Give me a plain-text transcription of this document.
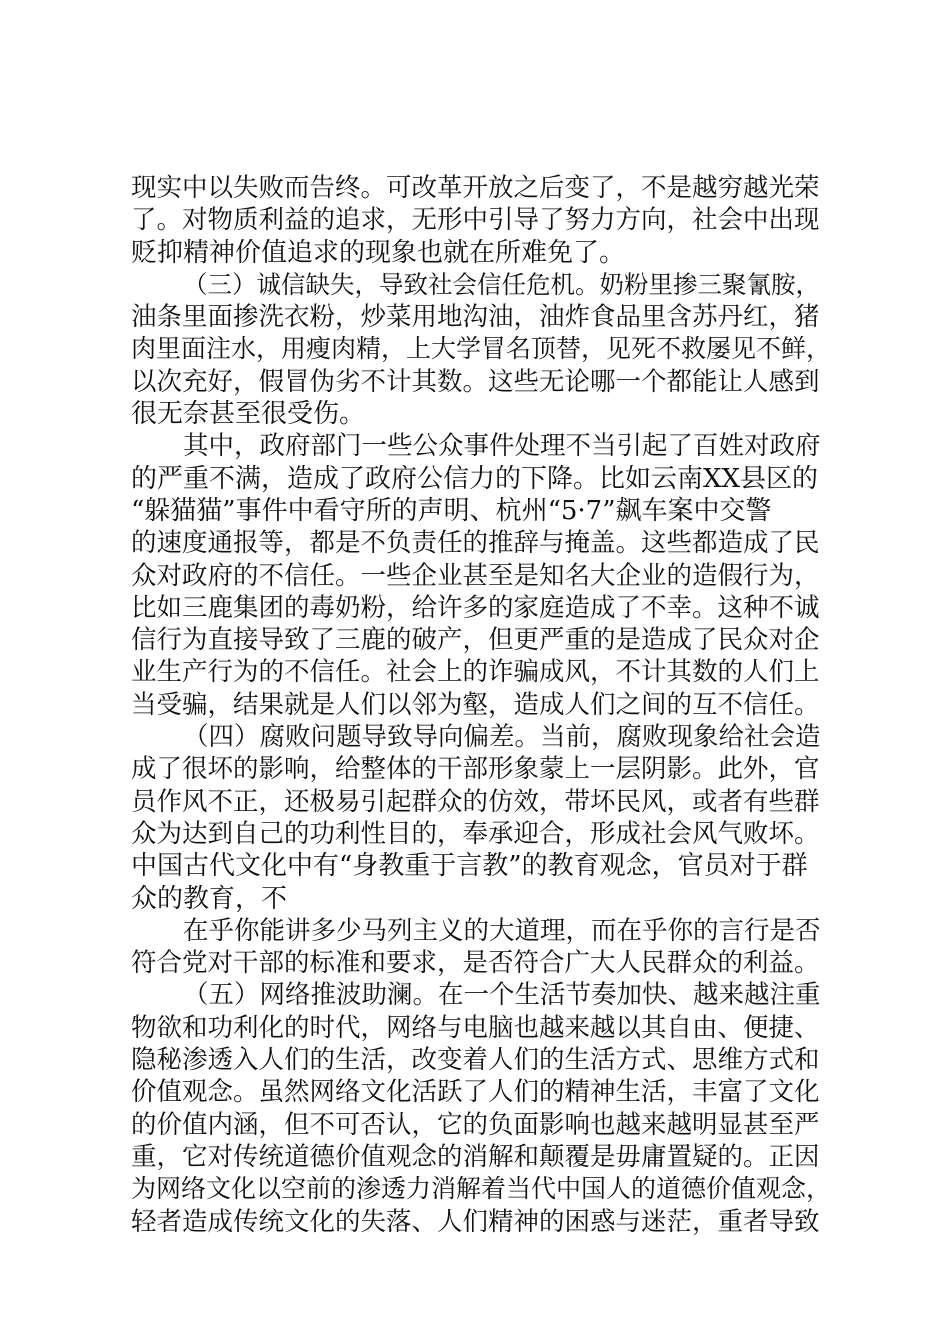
现实中以失败而告终。可改革开放之后变了，不是越穷越光荣
了。对物质利益的追求，无形中引导了努力方向，社会中出现
贬抑精神价值追求的现象也就在所难免了。
（三）诚信缺失，导致社会信任危机。奶粉里掺三聚氰胺，
油条里面掺洗衣粉，炒菜用地沟油，油炸食品里含苏丹红，猪
肉里面注水，用瘦肉精，上大学冒名顶替，见死不救屡见不鲜，
以次充好，假冒伪劣不计其数。这些无论哪一个都能让人感到
很无奈甚至很受伤。
其中，政府部门一些公众事件处理不当引起了百姓对政府
的严重不满，造成了政府公信力的下降。比如云南XX县区的
“躲猫猫”事件中看守所的声明、杭州“5·7”飙车案中交警
的速度通报等，都是不负责任的推辞与掩盖。这些都造成了民
众对政府的不信任。一些企业甚至是知名大企业的造假行为，
比如三鹿集团的毒奶粉，给许多的家庭造成了不幸。这种不诚
信行为直接导致了三鹿的破产，但更严重的是造成了民众对企
业生产行为的不信任。社会上的诈骗成风，不计其数的人们上
当受骗，结果就是人们以邻为壑，造成人们之间的互不信任。
（四）腐败问题导致导向偏差。当前，腐败现象给社会造
成了很坏的影响，给整体的干部形象蒙上一层阴影。此外，官
员作风不正，还极易引起群众的仿效，带坏民风，或者有些群
众为达到自己的功利性目的，奉承迎合，形成社会风气败坏。
中国古代文化中有“身教重于言教”的教育观念，官员对于群
众的教育，不
在乎你能讲多少马列主义的大道理，而在乎你的言行是否
符合党对干部的标准和要求，是否符合广大人民群众的利益。
（五）网络推波助澜。在一个生活节奏加快、越来越注重
物欲和功利化的时代，网络与电脑也越来越以其自由、便捷、
隐秘渗透入人们的生活，改变着人们的生活方式、思维方式和
价值观念。虽然网络文化活跃了人们的精神生活，丰富了文化
的价值内涵，但不可否认，它的负面影响也越来越明显甚至严
重，它对传统道德价值观念的消解和颠覆是毋庸置疑的。正因
为网络文化以空前的渗透力消解着当代中国人的道德价值观念，
轻者造成传统文化的失落、人们精神的困惑与迷茫，重者导致
